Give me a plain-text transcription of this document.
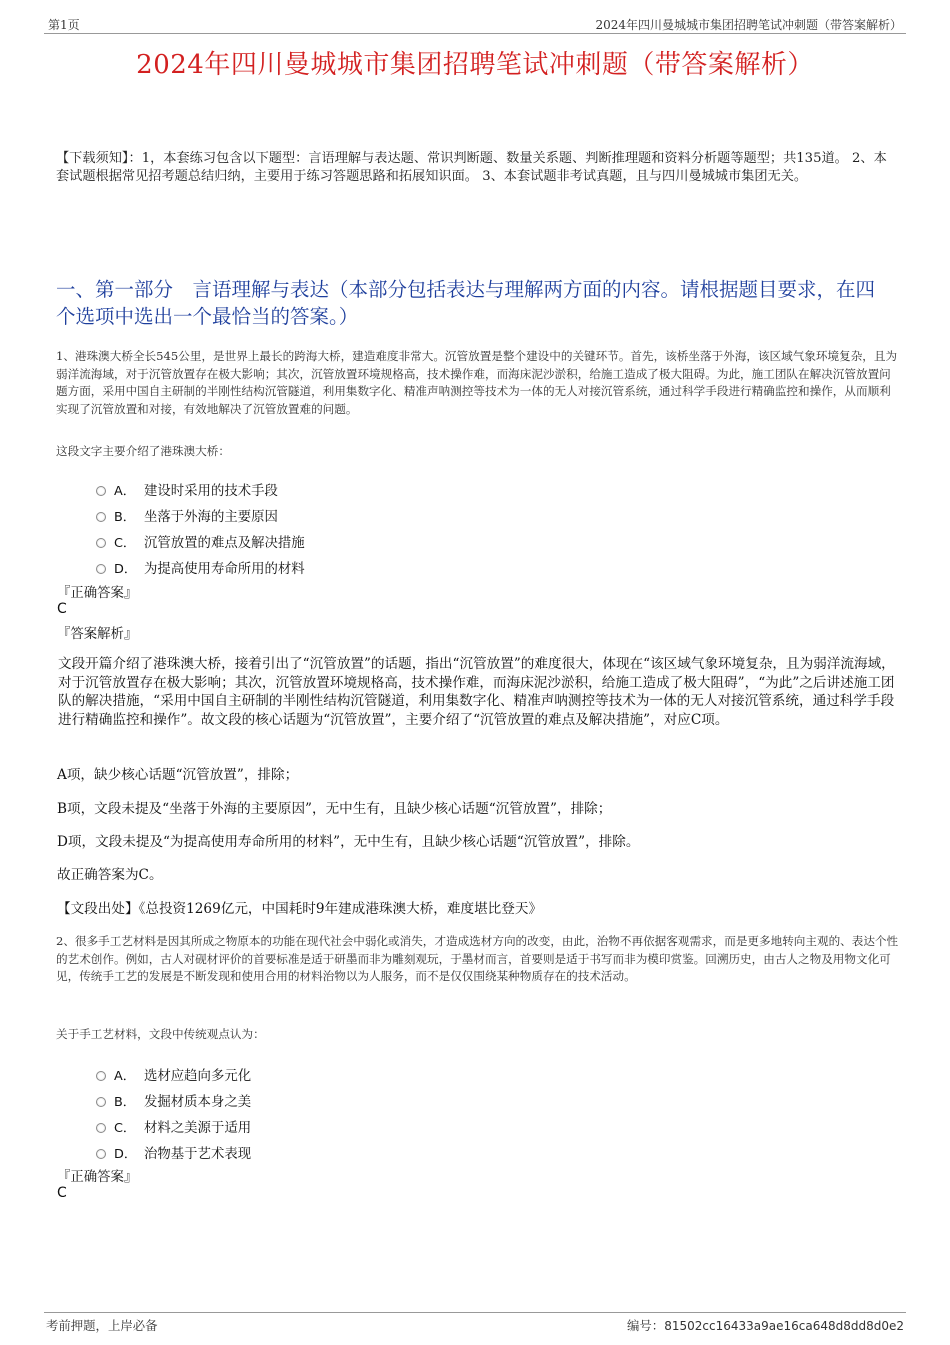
第1页	2024年四川曼城城市集团招聘笔试冲刺题（带答案解析）
2024年四川曼城城市集团招聘笔试冲刺题（带答案解析）

【下载须知】：1，本套练习包含以下题型：言语理解与表达题、常识判断题、数量关系题、判断推理题和资料分析题等题型；共135道。 2、本套试题根据常见招考题总结归纳，主要用于练习答题思路和拓展知识面。 3、本套试题非考试真题，且与四川曼城城市集团无关。

一、第一部分　言语理解与表达（本部分包括表达与理解两方面的内容。请根据题目要求，在四个选项中选出一个最恰当的答案。）

1、港珠澳大桥全长545公里，是世界上最长的跨海大桥，建造难度非常大。沉管放置是整个建设中的关键环节。首先，该桥坐落于外海，该区域气象环境复杂，且为弱洋流海域，对于沉管放置存在极大影响；其次，沉管放置环境规格高，技术操作难，而海床泥沙淤积，给施工造成了极大阻碍。为此，施工团队在解决沉管放置问题方面，采用中国自主研制的半刚性结构沉管隧道，利用集数字化、精准声呐测控等技术为一体的无人对接沉管系统，通过科学手段进行精确监控和操作，从而顺利实现了沉管放置和对接，有效地解决了沉管放置难的问题。

这段文字主要介绍了港珠澳大桥：

A． 建设时采用的技术手段
B． 坐落于外海的主要原因
C． 沉管放置的难点及解决措施
D． 为提高使用寿命所用的材料
『正确答案』
C
『答案解析』

文段开篇介绍了港珠澳大桥，接着引出了“沉管放置”的话题，指出“沉管放置”的难度很大，体现在“该区域气象环境复杂，且为弱洋流海域，对于沉管放置存在极大影响；其次，沉管放置环境规格高，技术操作难，而海床泥沙淤积，给施工造成了极大阻碍”，“为此”之后讲述施工团队的解决措施，“采用中国自主研制的半刚性结构沉管隧道，利用集数字化、精准声呐测控等技术为一体的无人对接沉管系统，通过科学手段进行精确监控和操作”。故文段的核心话题为“沉管放置”，主要介绍了“沉管放置的难点及解决措施”，对应C项。

A项，缺少核心话题“沉管放置”，排除；
B项，文段未提及“坐落于外海的主要原因”，无中生有，且缺少核心话题“沉管放置”，排除；
D项，文段未提及“为提高使用寿命所用的材料”，无中生有，且缺少核心话题“沉管放置”，排除。
故正确答案为C。
【文段出处】《总投资1269亿元，中国耗时9年建成港珠澳大桥，难度堪比登天》

2、很多手工艺材料是因其所成之物原本的功能在现代社会中弱化或消失，才造成选材方向的改变，由此，治物不再依据客观需求，而是更多地转向主观的、表达个性的艺术创作。例如，古人对砚材评价的首要标准是适于研墨而非为雕刻观玩，于墨材而言，首要则是适于书写而非为模印赏鉴。回溯历史，由古人之物及用物文化可见，传统手工艺的发展是不断发现和使用合用的材料治物以为人服务，而不是仅仅围绕某种物质存在的技术活动。

关于手工艺材料，文段中传统观点认为：

A． 选材应趋向多元化
B． 发掘材质本身之美
C． 材料之美源于适用
D． 治物基于艺术表现
『正确答案』
C
考前押题，上岸必备	编号：81502cc16433a9ae16ca648d8dd8d0e2
